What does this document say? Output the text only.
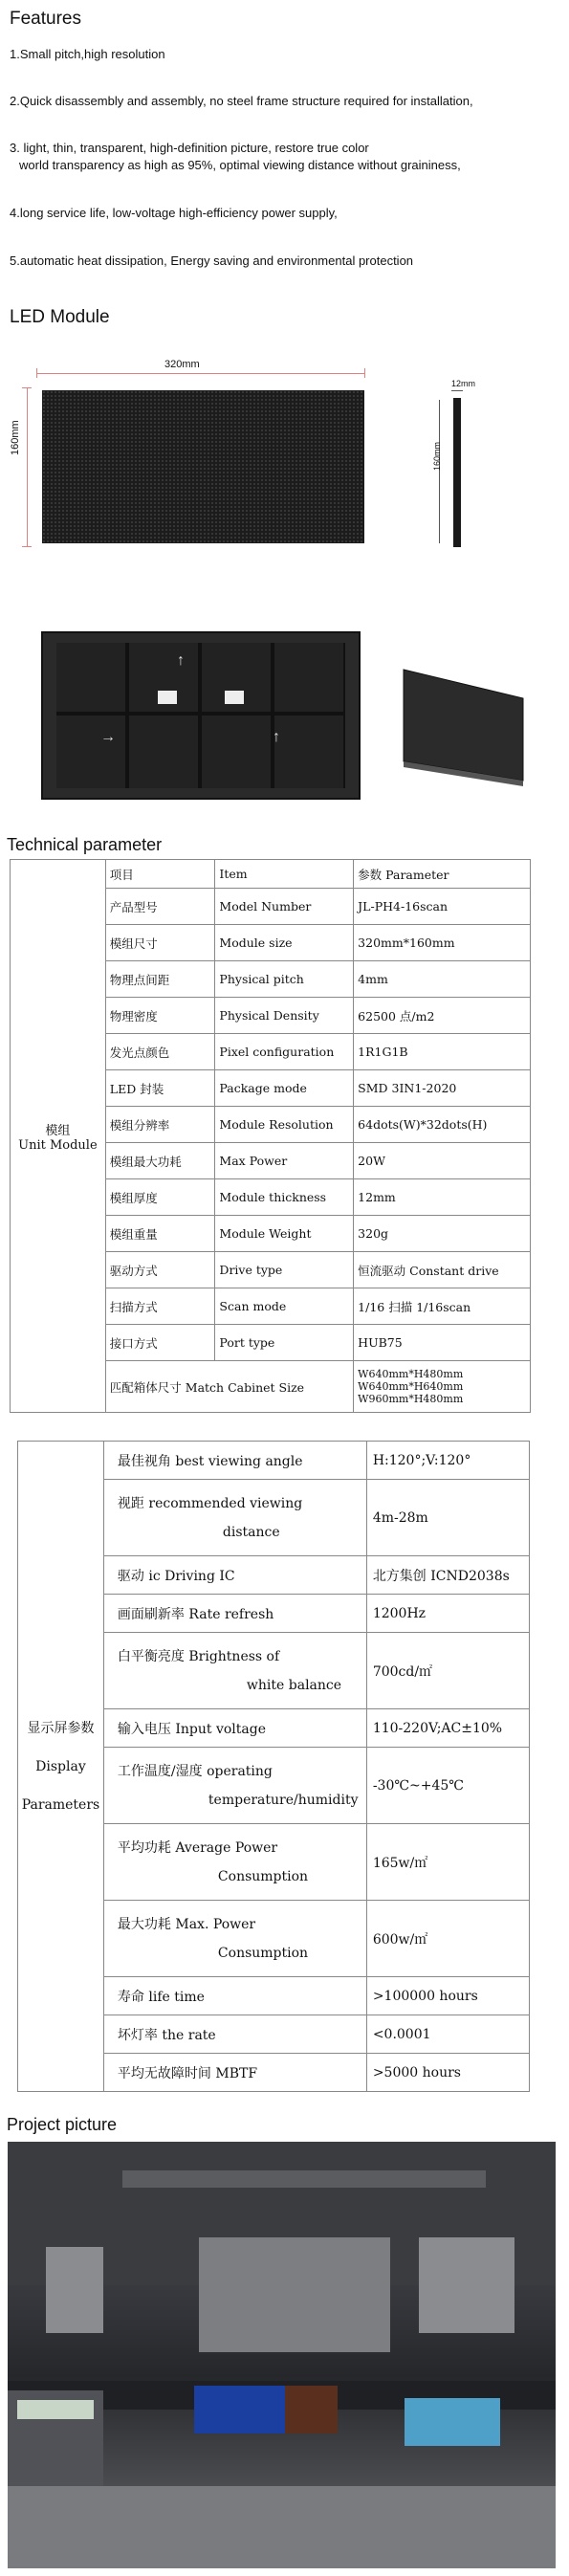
Features
1.Small pitch,high resolution
2.Quick disassembly and assembly, no steel frame structure required for installation,
3. light, thin, transparent, high-definition picture, restore true color
world transparency as high as 95%, optimal viewing distance without graininess,
4.long service life, low-voltage high-efficiency power supply,
5.automatic heat dissipation, Energy saving and environmental protection
LED Module
320mm
160mm
12mm
160mm
→
↑
↑
Technical parameter
模组
Unit Module	项目	Item	参数 Parameter
	产品型号	Model Number	JL-PH4-16scan
	模组尺寸	Module size	320mm*160mm
	物理点间距	Physical pitch	4mm
	物理密度	Physical Density	62500 点/m2
	发光点颜色	Pixel configuration	1R1G1B
	LED 封装	Package mode	SMD 3IN1-2020
	模组分辨率	Module Resolution	64dots(W)*32dots(H)
	模组最大功耗	Max Power	20W
	模组厚度	Module thickness	12mm
	模组重量	Module Weight	320g
	驱动方式	Drive type	恒流驱动 Constant drive
	扫描方式	Scan mode	1/16 扫描 1/16scan
	接口方式	Port type	HUB75
	匹配箱体尺寸 Match Cabinet Size		W640mm*H480mm
W640mm*H640mm
W960mm*H480mm
显示屏参数
Display
Parameters	最佳视角 best viewing angle	H:120°;V:120°

	视距 recommended viewing
distance	4m-28m

	驱动 ic Driving IC	北方集创 ICND2038s

	画面刷新率 Rate refresh	1200Hz

	白平衡亮度 Brightness of
white balance	700cd/㎡

	输入电压 Input voltage	110-220V;AC±10%

	工作温度/湿度 operating
temperature/humidity	-30℃~+45℃

	平均功耗 Average Power
Consumption	165w/㎡

	最大功耗 Max. Power
Consumption	600w/㎡

	寿命 life time	>100000 hours

	坏灯率 the rate	<0.0001

	平均无故障时间 MBTF	>5000 hours
Project picture
